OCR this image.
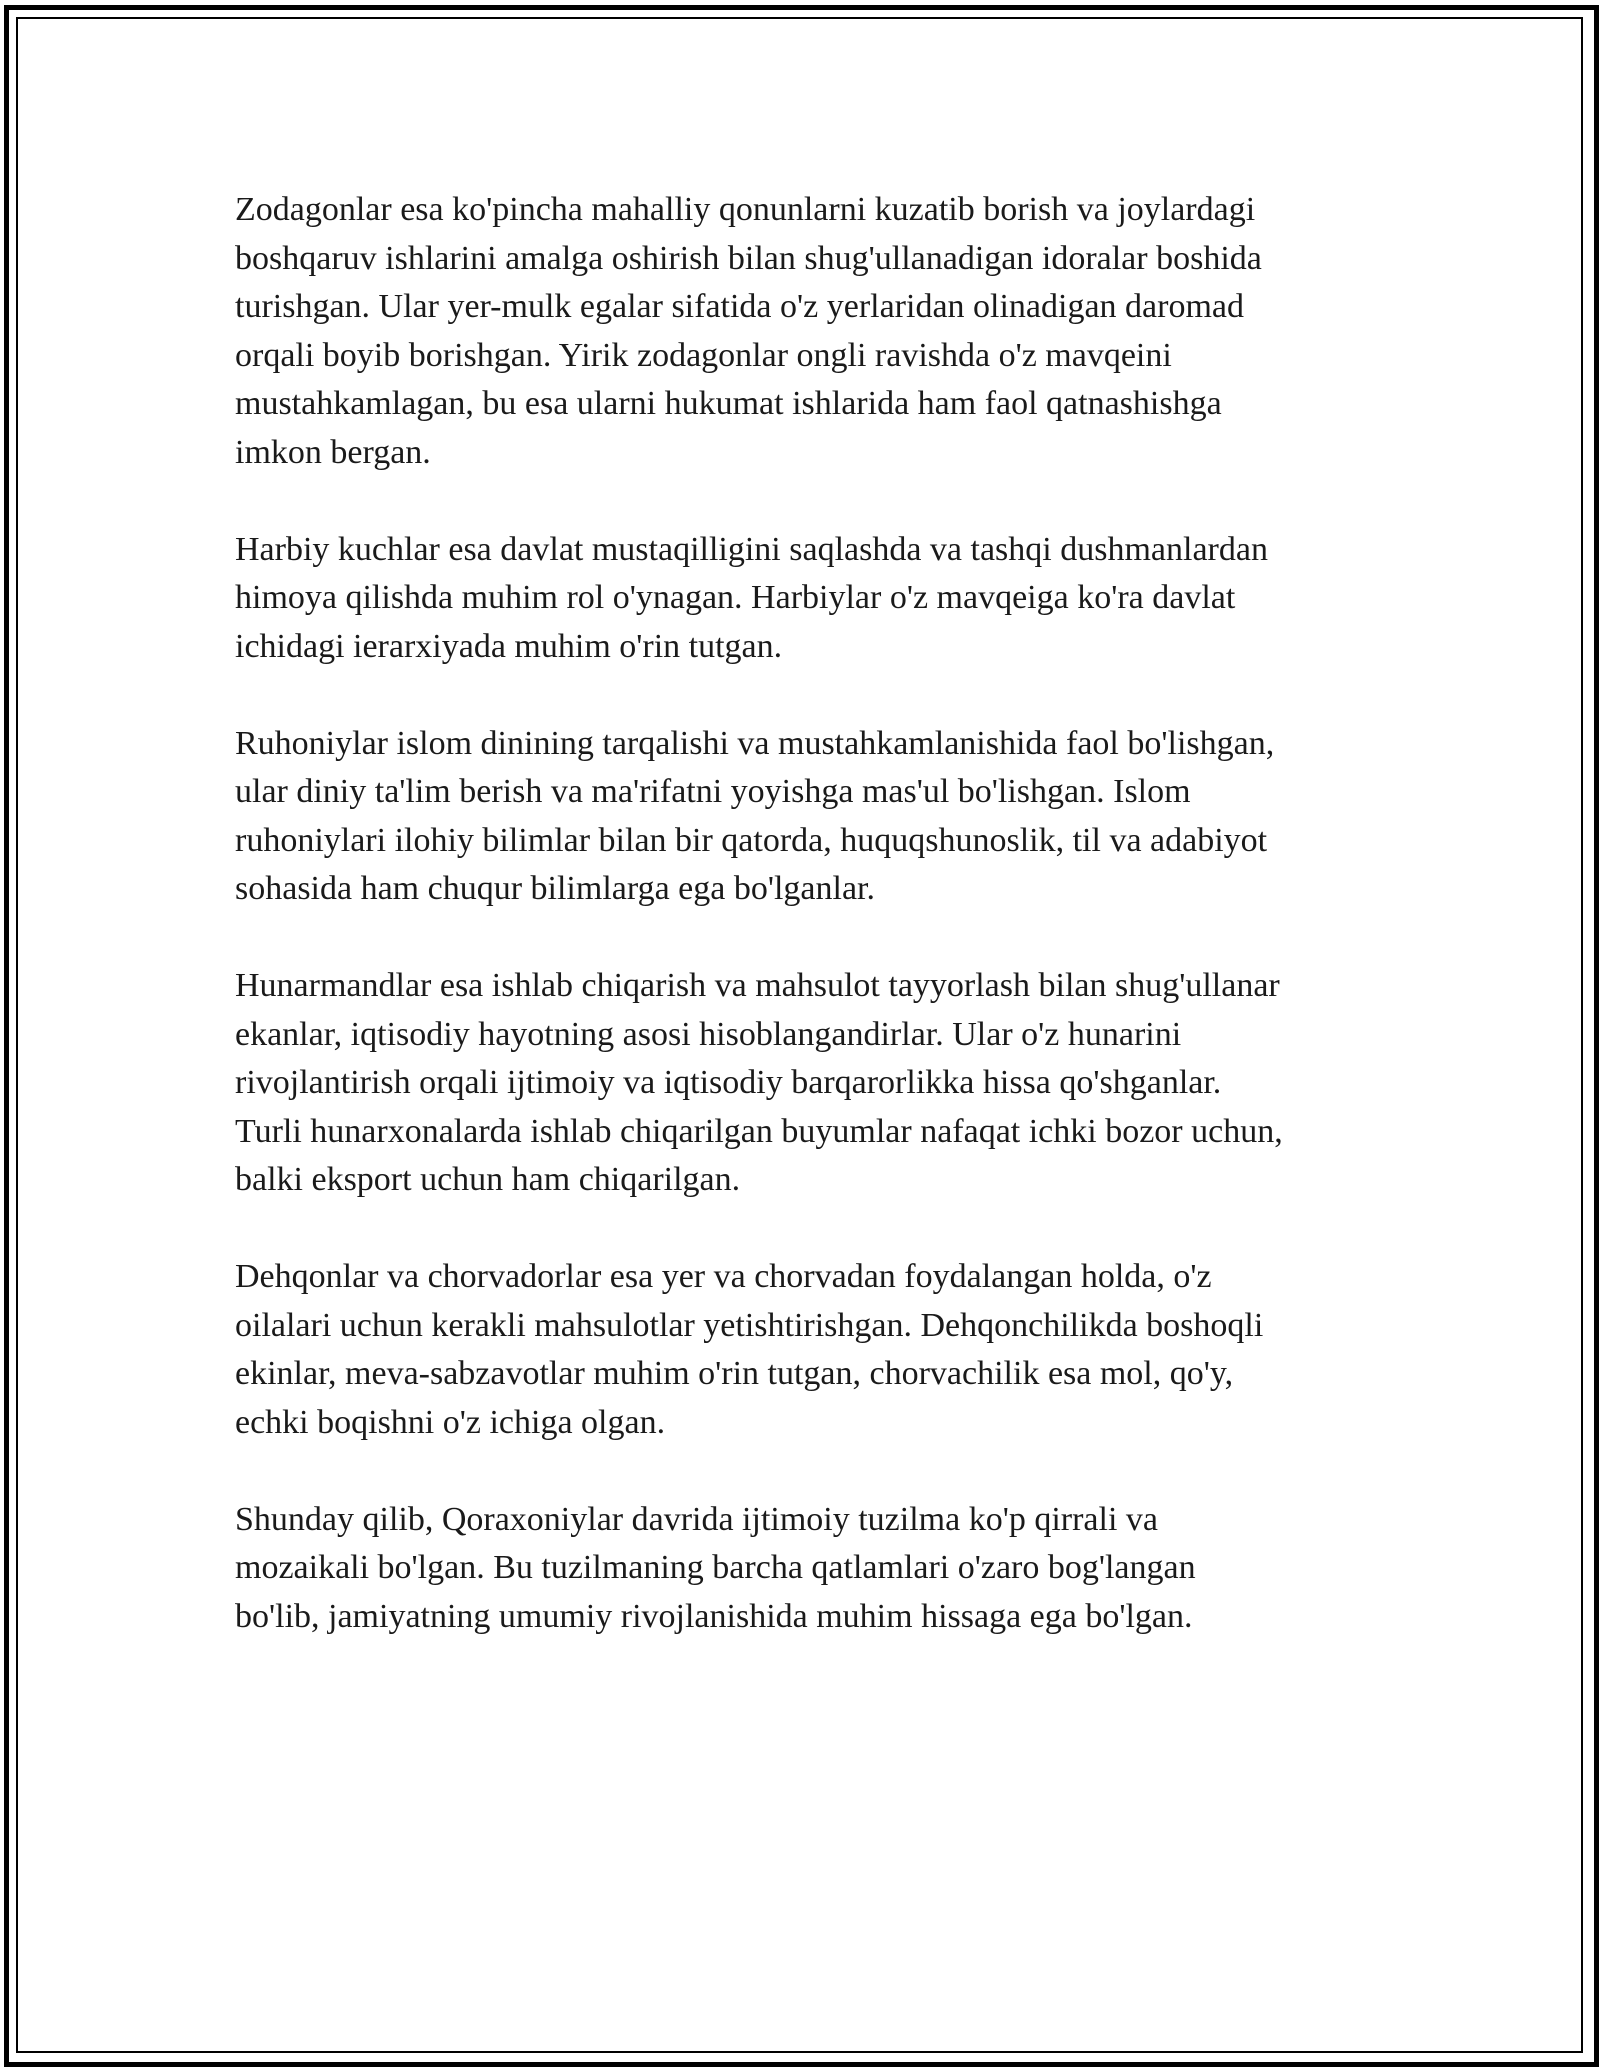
Zodagonlar esa ko'pincha mahalliy qonunlarni kuzatib borish va joylardagi
boshqaruv ishlarini amalga oshirish bilan shug'ullanadigan idoralar boshida
turishgan. Ular yer-mulk egalar sifatida o'z yerlaridan olinadigan daromad
orqali boyib borishgan. Yirik zodagonlar ongli ravishda o'z mavqeini
mustahkamlagan, bu esa ularni hukumat ishlarida ham faol qatnashishga
imkon bergan.

Harbiy kuchlar esa davlat mustaqilligini saqlashda va tashqi dushmanlardan
himoya qilishda muhim rol o'ynagan. Harbiylar o'z mavqeiga ko'ra davlat
ichidagi ierarxiyada muhim o'rin tutgan.

Ruhoniylar islom dinining tarqalishi va mustahkamlanishida faol bo'lishgan,
ular diniy ta'lim berish va ma'rifatni yoyishga mas'ul bo'lishgan. Islom
ruhoniylari ilohiy bilimlar bilan bir qatorda, huquqshunoslik, til va adabiyot
sohasida ham chuqur bilimlarga ega bo'lganlar.

Hunarmandlar esa ishlab chiqarish va mahsulot tayyorlash bilan shug'ullanar
ekanlar, iqtisodiy hayotning asosi hisoblangandirlar. Ular o'z hunarini
rivojlantirish orqali ijtimoiy va iqtisodiy barqarorlikka hissa qo'shganlar.
Turli hunarxonalarda ishlab chiqarilgan buyumlar nafaqat ichki bozor uchun,
balki eksport uchun ham chiqarilgan.

Dehqonlar va chorvadorlar esa yer va chorvadan foydalangan holda, o'z
oilalari uchun kerakli mahsulotlar yetishtirishgan. Dehqonchilikda boshoqli
ekinlar, meva-sabzavotlar muhim o'rin tutgan, chorvachilik esa mol, qo'y,
echki boqishni o'z ichiga olgan.

Shunday qilib, Qoraxoniylar davrida ijtimoiy tuzilma ko'p qirrali va
mozaikali bo'lgan. Bu tuzilmaning barcha qatlamlari o'zaro bog'langan
bo'lib, jamiyatning umumiy rivojlanishida muhim hissaga ega bo'lgan.
